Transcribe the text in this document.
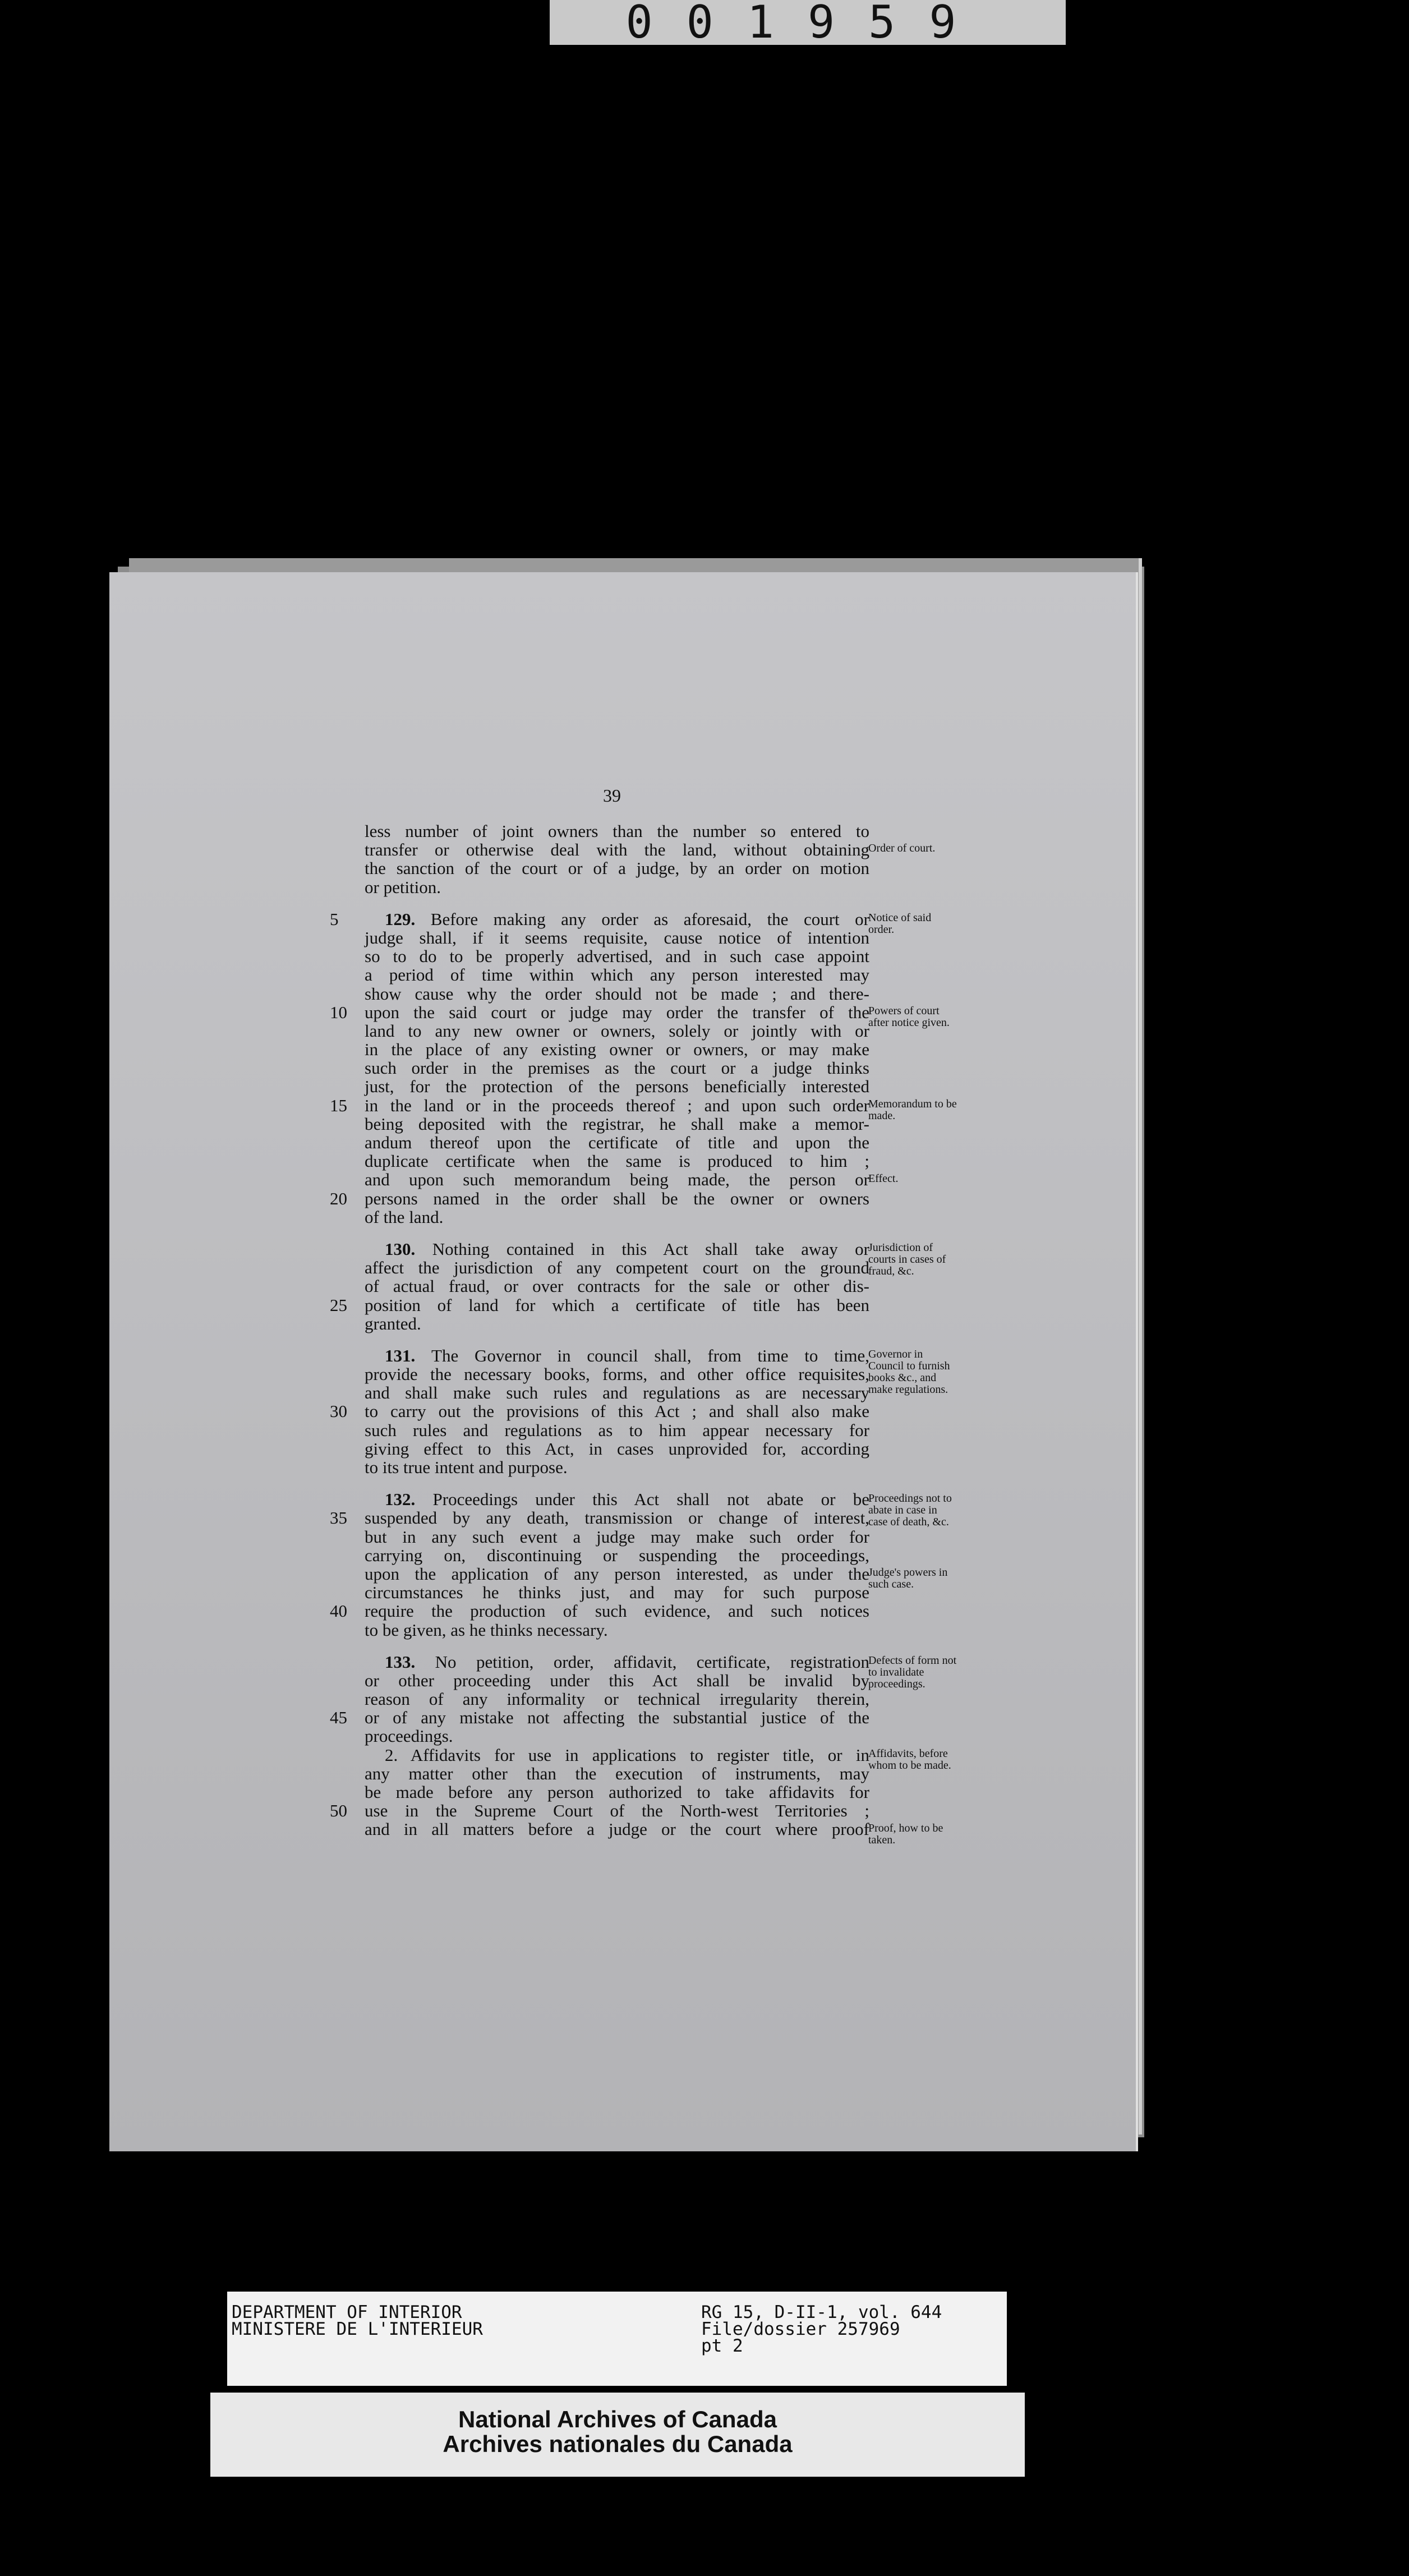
001959
39
less number of joint owners than the number so entered to
transfer or otherwise deal with the land, without obtaining
the sanction of the court or of a judge, by an order on motion
or petition.
5	129. Before making any order as aforesaid, the court or
judge shall, if it seems requisite, cause notice of intention
so to do to be properly advertised, and in such case appoint
a period of time within which any person interested may
show cause why the order should not be made ; and there-
10	upon the said court or judge may order the transfer of the
land to any new owner or owners, solely or jointly with or
in the place of any existing owner or owners, or may make
such order in the premises as the court or a judge thinks
just, for the protection of the persons beneficially interested
15	in the land or in the proceeds thereof ; and upon such order
being deposited with the registrar, he shall make a memor-
andum thereof upon the certificate of title and upon the
duplicate certificate when the same is produced to him ;
and upon such memorandum being made, the person or
20	persons named in the order shall be the owner or owners
of the land.
130. Nothing contained in this Act shall take away or
affect the jurisdiction of any competent court on the ground
of actual fraud, or over contracts for the sale or other dis-
25	position of land for which a certificate of title has been
granted.
131. The Governor in council shall, from time to time,
provide the necessary books, forms, and other office requisites,
and shall make such rules and regulations as are necessary
30	to carry out the provisions of this Act ; and shall also make
such rules and regulations as to him appear necessary for
giving effect to this Act, in cases unprovided for, according
to its true intent and purpose.
132. Proceedings under this Act shall not abate or be
35	suspended by any death, transmission or change of interest,
but in any such event a judge may make such order for
carrying on, discontinuing or suspending the proceedings,
upon the application of any person interested, as under the
circumstances he thinks just, and may for such purpose
40	require the production of such evidence, and such notices
to be given, as he thinks necessary.
133. No petition, order, affidavit, certificate, registration
or other proceeding under this Act shall be invalid by
reason of any informality or technical irregularity therein,
45	or of any mistake not affecting the substantial justice of the
proceedings.
2. Affidavits for use in applications to register title, or in
any matter other than the execution of instruments, may
be made before any person authorized to take affidavits for
50	use in the Supreme Court of the North-west Territories ;
and in all matters before a judge or the court where proof
Order of court.
Notice of said order.
Powers of court after notice given.
Memorandum to be made.
Effect.
Jurisdiction of courts in cases of fraud, &c.
Governor in Council to furnish books &c., and make regulations.
Proceedings not to abate in case in case of death, &c.
Judge's powers in such case.
Defects of form not to invalidate proceedings.
Affidavits, before whom to be made.
Proof, how to be taken.
DEPARTMENT OF INTERIOR
MINISTERE DE L'INTERIEUR
RG 15, D-II-1, vol. 644
File/dossier 257969
pt 2
National Archives of Canada
Archives nationales du Canada
